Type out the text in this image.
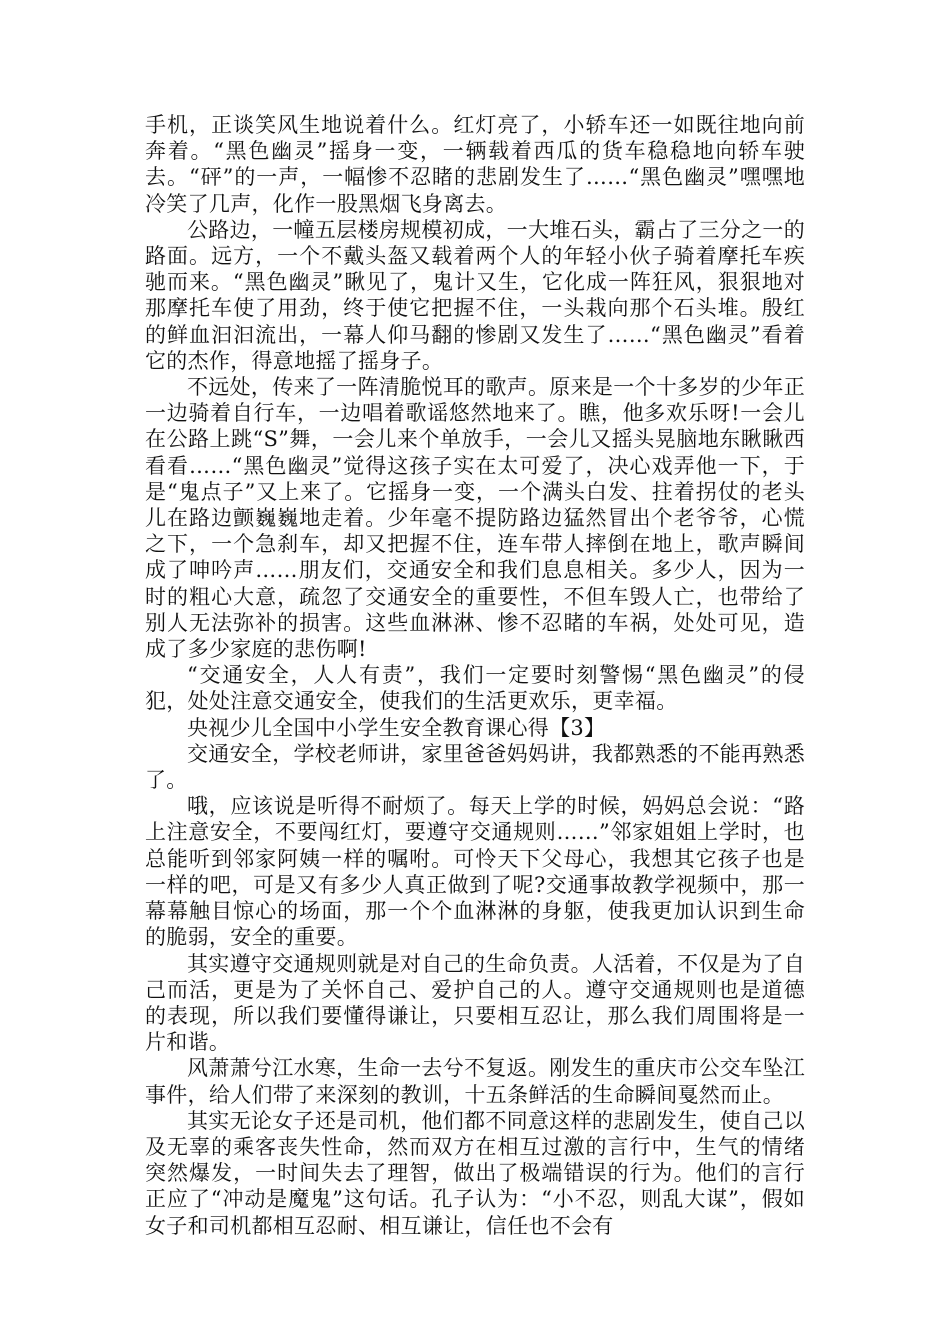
手机，正谈笑风生地说着什么。红灯亮了，小轿车还一如既往地向前奔着。“黑色幽灵”摇身一变，一辆载着西瓜的货车稳稳地向轿车驶去。“砰”的一声，一幅惨不忍睹的悲剧发生了……“黑色幽灵”嘿嘿地冷笑了几声，化作一股黑烟飞身离去。

公路边，一幢五层楼房规模初成，一大堆石头，霸占了三分之一的路面。远方，一个不戴头盔又载着两个人的年轻小伙子骑着摩托车疾驰而来。“黑色幽灵”瞅见了，鬼计又生，它化成一阵狂风，狠狠地对那摩托车使了用劲，终于使它把握不住，一头栽向那个石头堆。殷红的鲜血汩汩流出，一幕人仰马翻的惨剧又发生了……“黑色幽灵”看着它的杰作，得意地摇了摇身子。

不远处，传来了一阵清脆悦耳的歌声。原来是一个十多岁的少年正一边骑着自行车，一边唱着歌谣悠然地来了。瞧，他多欢乐呀!一会儿在公路上跳“S”舞，一会儿来个单放手，一会儿又摇头晃脑地东瞅瞅西看看……“黑色幽灵”觉得这孩子实在太可爱了，决心戏弄他一下，于是“鬼点子”又上来了。它摇身一变，一个满头白发、拄着拐仗的老头儿在路边颤巍巍地走着。少年毫不提防路边猛然冒出个老爷爷，心慌之下，一个急刹车，却又把握不住，连车带人摔倒在地上，歌声瞬间成了呻吟声……朋友们，交通安全和我们息息相关。多少人，因为一时的粗心大意，疏忽了交通安全的重要性，不但车毁人亡，也带给了别人无法弥补的损害。这些血淋淋、惨不忍睹的车祸，处处可见，造成了多少家庭的悲伤啊!

“交通安全，人人有责”，我们一定要时刻警惕“黑色幽灵”的侵犯，处处注意交通安全，使我们的生活更欢乐，更幸福。

央视少儿全国中小学生安全教育课心得【3】

交通安全，学校老师讲，家里爸爸妈妈讲，我都熟悉的不能再熟悉了。

哦，应该说是听得不耐烦了。每天上学的时候，妈妈总会说：“路上注意安全，不要闯红灯，要遵守交通规则……”邻家姐姐上学时，也总能听到邻家阿姨一样的嘱咐。可怜天下父母心，我想其它孩子也是一样的吧，可是又有多少人真正做到了呢?交通事故教学视频中，那一幕幕触目惊心的场面，那一个个血淋淋的身躯，使我更加认识到生命的脆弱，安全的重要。

其实遵守交通规则就是对自己的生命负责。人活着，不仅是为了自己而活，更是为了关怀自己、爱护自己的人。遵守交通规则也是道德的表现，所以我们要懂得谦让，只要相互忍让，那么我们周围将是一片和谐。

风萧萧兮江水寒，生命一去兮不复返。刚发生的重庆市公交车坠江事件，给人们带了来深刻的教训，十五条鲜活的生命瞬间戛然而止。

其实无论女子还是司机，他们都不同意这样的悲剧发生，使自己以及无辜的乘客丧失性命，然而双方在相互过激的言行中，生气的情绪突然爆发，一时间失去了理智，做出了极端错误的行为。他们的言行正应了“冲动是魔鬼”这句话。孔子认为：“小不忍，则乱大谋”，假如女子和司机都相互忍耐、相互谦让，信任也不会有
